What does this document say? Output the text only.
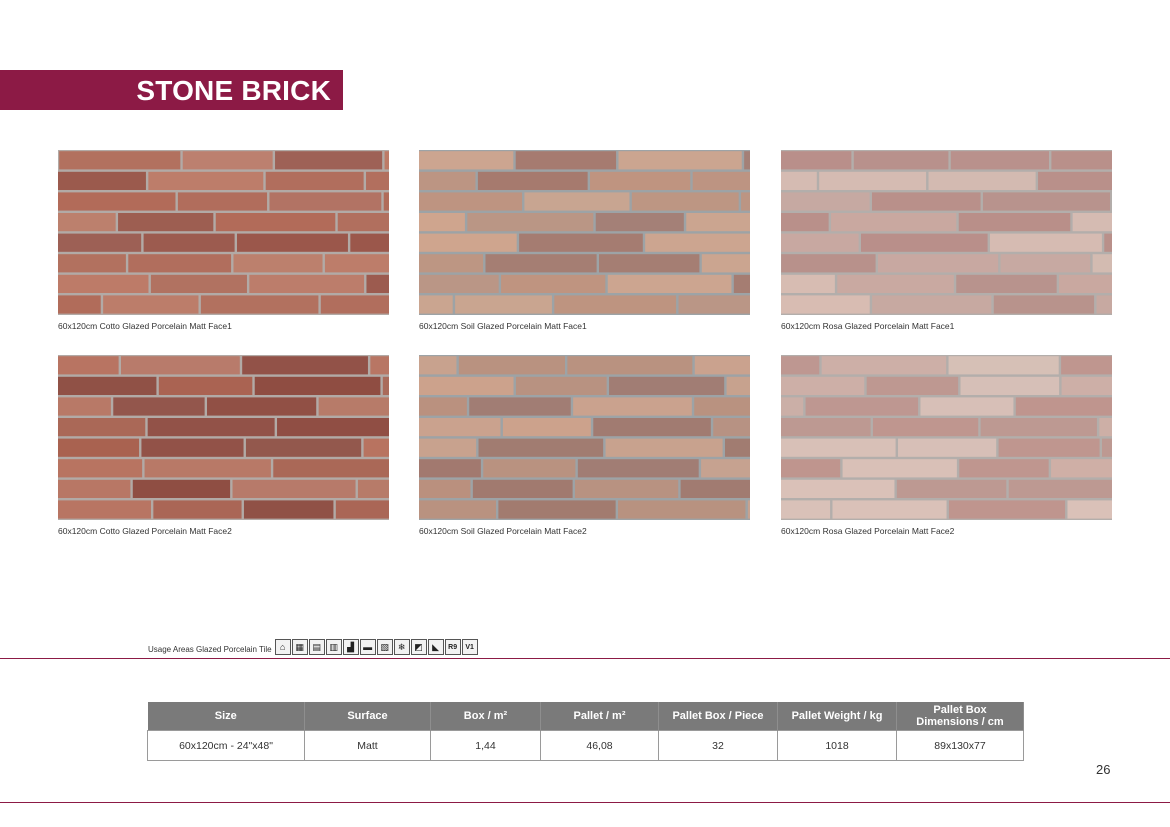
STONE BRICK
60x120cm Cotto Glazed Porcelain Matt Face1	60x120cm Soil Glazed Porcelain Matt Face1	60x120cm Rosa Glazed Porcelain Matt Face1
60x120cm Cotto Glazed Porcelain Matt Face2	60x120cm Soil Glazed Porcelain Matt Face2	60x120cm Rosa Glazed Porcelain Matt Face2
Usage Areas Glazed Porcelain Tile ⌂	▦ ▤ ▥	▟	▬ ▧ ❄ ◩	◣	R9	V1
Size	Surface	Box / m²	Pallet / m²	Pallet Box / Piece	Pallet Weight / kg	Pallet Box Dimensions / cm
60x120cm - 24"x48"	Matt	1,44	46,08	32	1018	89x130x77
26
